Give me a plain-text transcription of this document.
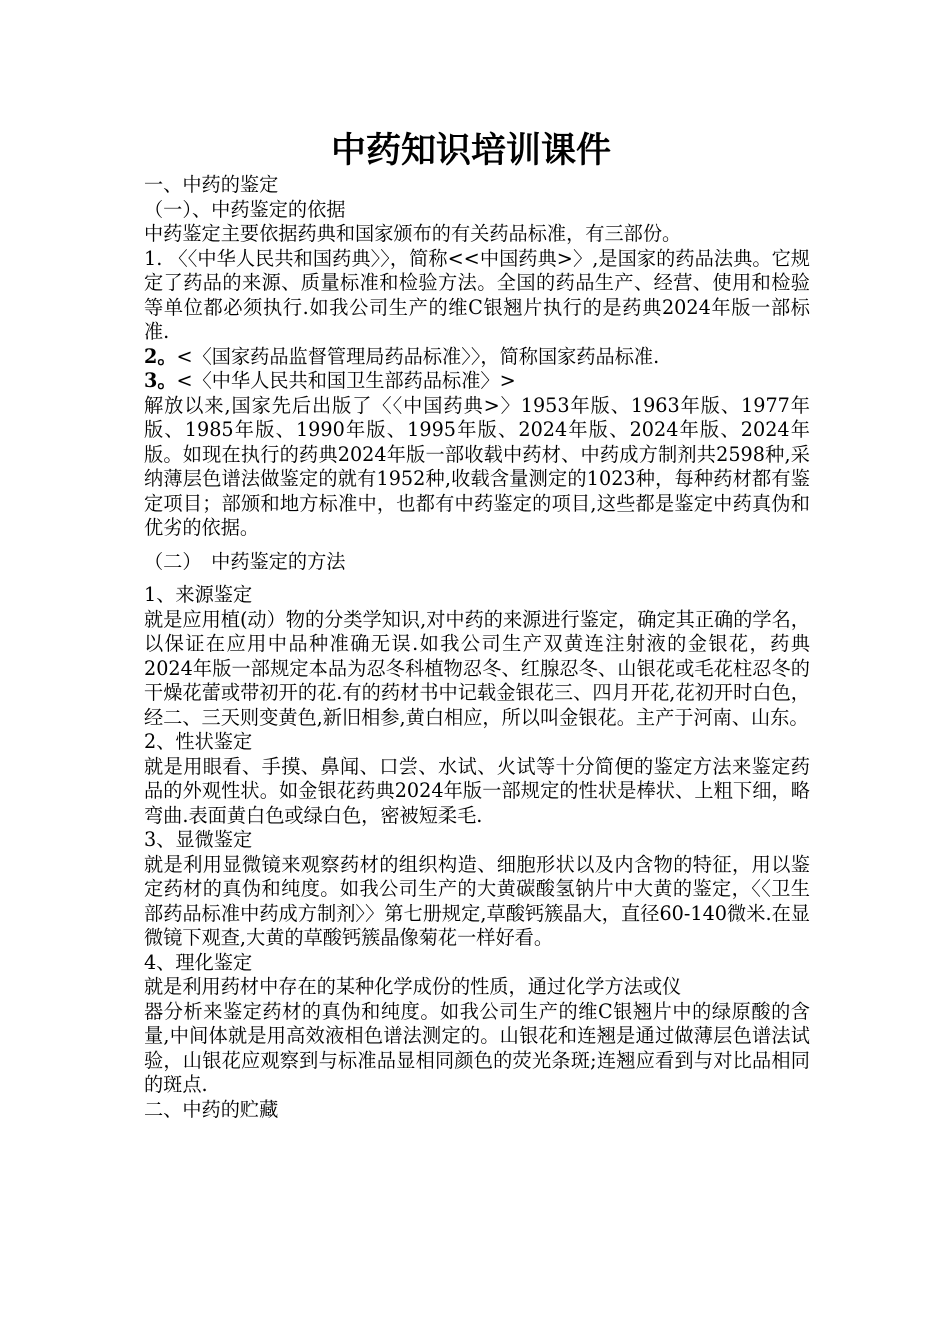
中药知识培训课件

一、中药的鉴定

（一）、中药鉴定的依据

中药鉴定主要依据药典和国家颁布的有关药品标准，有三部份。

1. 〈〈中华人民共和国药典〉〉，简称<<中国药典>〉,是国家的药品法典。它规定了药品的来源、质量标准和检验方法。全国的药品生产、经营、使用和检验等单位都必须执行.如我公司生产的维C银翘片执行的是药典2024年版一部标准.

2。<〈国家药品监督管理局药品标准〉〉，简称国家药品标准.

3。<〈中华人民共和国卫生部药品标准〉>

解放以来,国家先后出版了〈〈中国药典>〉1953年版、1963年版、1977年版、1985年版、1990年版、1995年版、2024年版、2024年版、2024年版。如现在执行的药典2024年版一部收载中药材、中药成方制剂共2598种,采纳薄层色谱法做鉴定的就有1952种,收载含量测定的1023种，每种药材都有鉴定项目；部颁和地方标准中，也都有中药鉴定的项目,这些都是鉴定中药真伪和优劣的依据。

（二）　中药鉴定的方法

1、来源鉴定

就是应用植(动）物的分类学知识,对中药的来源进行鉴定，确定其正确的学名，以保证在应用中品种准确无误.如我公司生产双黄连注射液的金银花，药典2024年版一部规定本品为忍冬科植物忍冬、红腺忍冬、山银花或毛花柱忍冬的干燥花蕾或带初开的花.有的药材书中记载金银花三、四月开花,花初开时白色，经二、三天则变黄色,新旧相参,黄白相应，所以叫金银花。主产于河南、山东。

2、性状鉴定

就是用眼看、手摸、鼻闻、口尝、水试、火试等十分简便的鉴定方法来鉴定药品的外观性状。如金银花药典2024年版一部规定的性状是棒状、上粗下细，略弯曲.表面黄白色或绿白色，密被短柔毛.

3、显微鉴定

就是利用显微镜来观察药材的组织构造、细胞形状以及内含物的特征，用以鉴定药材的真伪和纯度。如我公司生产的大黄碳酸氢钠片中大黄的鉴定，〈〈卫生部药品标准中药成方制剂〉〉第七册规定,草酸钙簇晶大，直径60-140微米.在显微镜下观查,大黄的草酸钙簇晶像菊花一样好看。

4、理化鉴定

就是利用药材中存在的某种化学成份的性质，通过化学方法或仪

器分析来鉴定药材的真伪和纯度。如我公司生产的维C银翘片中的绿原酸的含量,中间体就是用高效液相色谱法测定的。山银花和连翘是通过做薄层色谱法试验，山银花应观察到与标准品显相同颜色的荧光条斑;连翘应看到与对比品相同的斑点.

二、中药的贮藏
